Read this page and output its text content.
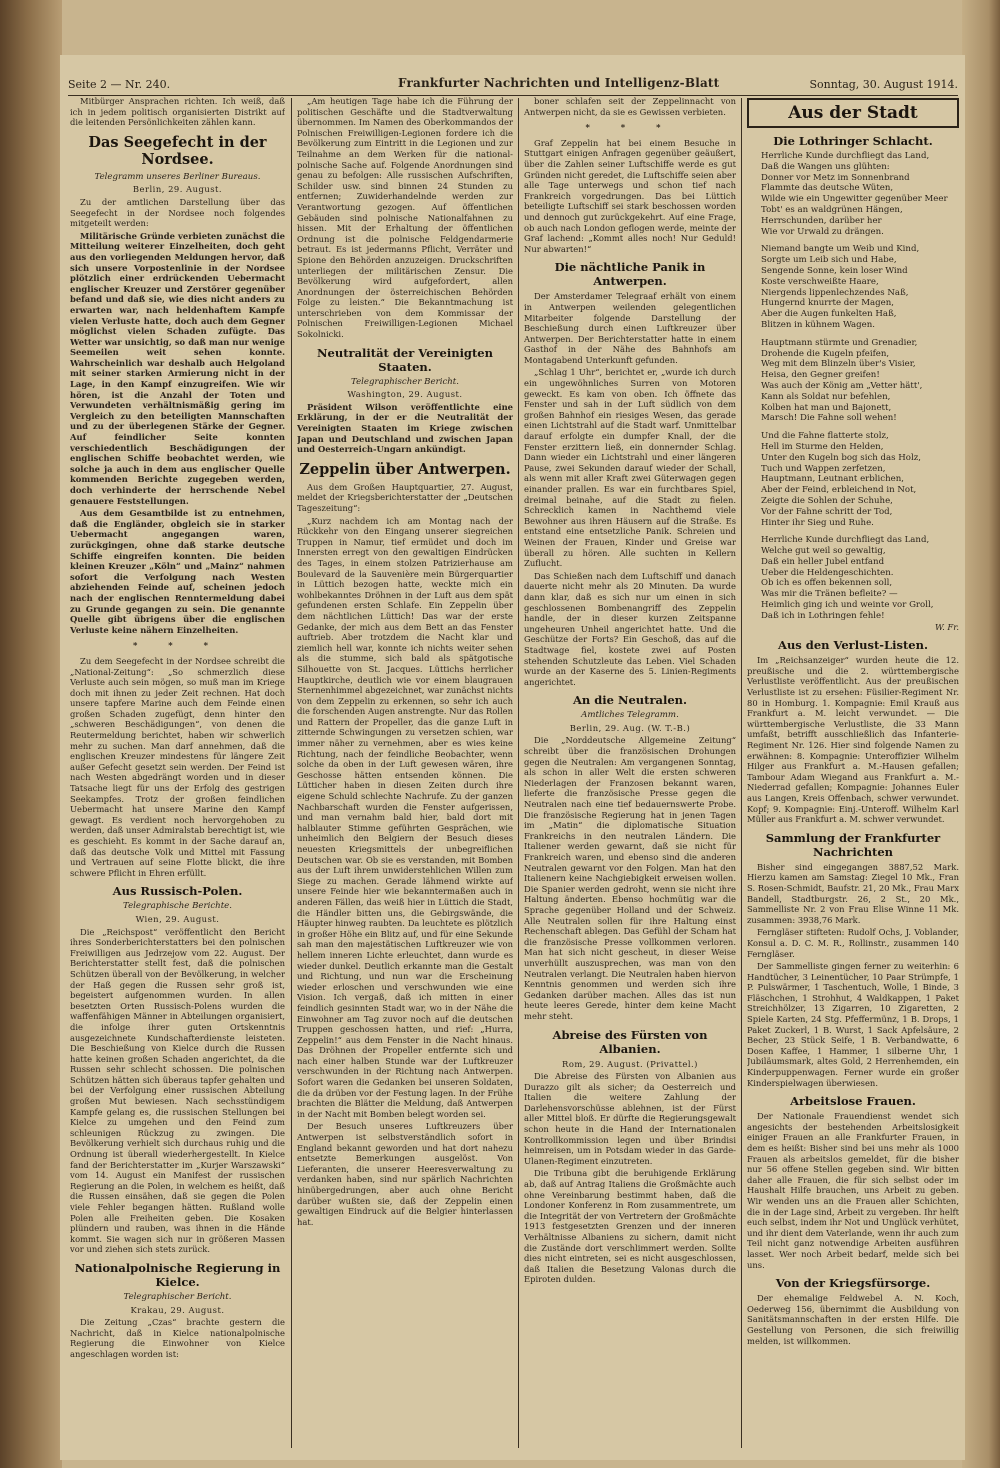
Seite 2 — Nr. 240.	Frankfurter Nachrichten und Intelligenz-Blatt	Sonntag, 30. August 1914.

Mitbürger Ansprachen richten. Ich weiß, daß ich in jedem politisch organisierten Distrikt auf die leitenden Persönlichkeiten zählen kann.

Das Seegefecht in der Nordsee.

Telegramm unseres Berliner Bureaus.

Berlin, 29. August.

Zu der amtlichen Darstellung über das Seegefecht in der Nordsee noch folgendes mitgeteilt werden:

Militärische Gründe verbieten zunächst die Mitteilung weiterer Einzelheiten, doch geht aus den vorliegenden Meldungen hervor, daß sich unsere Vorpostenlinie in der Nordsee plötzlich einer erdrückenden Uebermacht englischer Kreuzer und Zerstörer gegenüber befand und daß sie, wie dies nicht anders zu erwarten war, nach heldenhaftem Kampfe vielen Verluste hatte, doch auch dem Gegner möglichst vielen Schaden zufügte. Das Wetter war unsichtig, so daß man nur wenige Seemeilen weit sehen konnte. Wahrscheinlich war deshalb auch Helgoland mit seiner starken Armierung nicht in der Lage, in den Kampf einzugreifen. Wie wir hören, ist die Anzahl der Toten und Verwundeten verhältnismäßig gering im Vergleich zu den beteiligten Mannschaften und zu der überlegenen Stärke der Gegner. Auf feindlicher Seite konnten verschiedentlich Beschädigungen der englischen Schiffe beobachtet werden, wie solche ja auch in dem aus englischer Quelle kommenden Berichte zugegeben werden, doch verhinderte der herrschende Nebel genauere Feststellungen.

Aus dem Gesamtbilde ist zu entnehmen, daß die Engländer, obgleich sie in starker Uebermacht angegangen waren, zurückgingen, ohne daß starke deutsche Schiffe eingreifen konnten. Die beiden kleinen Kreuzer „Köln“ und „Mainz“ nahmen sofort die Verfolgung nach Westen abziehenden Feinde auf, scheinen jedoch nach der englischen Renntermeldung dabei zu Grunde gegangen zu sein. Die genannte Quelle gibt übrigens über die englischen Verluste keine nähern Einzelheiten.

* * *

Zu dem Seegefecht in der Nordsee schreibt die „National-Zeitung“: „So schmerzlich diese Verluste auch sein mögen, so muß man im Kriege doch mit ihnen zu jeder Zeit rechnen. Hat doch unsere tapfere Marine auch dem Feinde einen großen Schaden zugefügt, denn hinter den „schweren Beschädigungen“, von denen die Reutermeldung berichtet, haben wir schwerlich mehr zu suchen. Man darf annehmen, daß die englischen Kreuzer mindestens für längere Zeit außer Gefecht gesetzt sein werden. Der Feind ist nach Westen abgedrängt worden und in dieser Tatsache liegt für uns der Erfolg des gestrigen Seekampfes. Trotz der großen feindlichen Uebermacht hat unsere Marine den Kampf gewagt. Es verdient noch hervorgehoben zu werden, daß unser Admiralstab berechtigt ist, wie es geschieht. Es kommt in der Sache darauf an, daß das deutsche Volk und Mittel mit Fassung und Vertrauen auf seine Flotte blickt, die ihre schwere Pflicht in Ehren erfüllt.

Aus Russisch-Polen.

Telegraphische Berichte.

Wien, 29. August.

Die „Reichspost“ veröffentlicht den Bericht ihres Sonderberichterstatters bei den polnischen Freiwilligen aus Jedrzejow vom 22. August. Der Berichterstatter stellt fest, daß die polnischen Schützen überall von der Bevölkerung, in welcher der Haß gegen die Russen sehr groß ist, begeistert aufgenommen wurden. In allen besetzten Orten Russisch-Polens wurden die waffenfähigen Männer in Abteilungen organisiert, die infolge ihrer guten Ortskenntnis ausgezeichnete Kundschafterdienste leisteten. Die Beschießung von Kielce durch die Russen hatte keinen großen Schaden angerichtet, da die Russen sehr schlecht schossen. Die polnischen Schützen hätten sich überaus tapfer gehalten und bei der Verfolgung einer russischen Abteilung großen Mut bewiesen. Nach sechsstündigem Kampfe gelang es, die russischen Stellungen bei Kielce zu umgehen und den Feind zum schleunigen Rückzug zu zwingen. Die Bevölkerung verhielt sich durchaus ruhig und die Ordnung ist überall wiederhergestellt. In Kielce fand der Berichterstatter im „Kurjer Warszawski“ vom 14. August ein Manifest der russischen Regierung an die Polen, in welchem es heißt, daß die Russen einsähen, daß sie gegen die Polen viele Fehler begangen hätten. Rußland wolle Polen alle Freiheiten geben. Die Kosaken plündern und rauben, was ihnen in die Hände kommt. Sie wagen sich nur in größeren Massen vor und ziehen sich stets zurück.

Nationalpolnische Regierung in Kielce.

Telegraphischer Bericht.

Krakau, 29. August.

Die Zeitung „Czas“ brachte gestern die Nachricht, daß in Kielce nationalpolnische Regierung die Einwohner von Kielce angeschlagen worden ist:

„Am heutigen Tage habe ich die Führung der politischen Geschäfte und die Stadtverwaltung übernommen. Im Namen des Oberkommandos der Polnischen Freiwilligen-Legionen fordere ich die Bevölkerung zum Eintritt in die Legionen und zur Teilnahme an dem Werken für die national-polnische Sache auf. Folgende Anordnungen sind genau zu befolgen: Alle russischen Aufschriften, Schilder usw. sind binnen 24 Stunden zu entfernen; Zuwiderhandelnde werden zur Verantwortung gezogen. Auf öffentlichen Gebäuden sind polnische Nationalfahnen zu hissen. Mit der Erhaltung der öffentlichen Ordnung ist die polnische Feldgendarmerie betraut. Es ist jedermanns Pflicht, Verräter und Spione den Behörden anzuzeigen. Druckschriften unterliegen der militärischen Zensur. Die Bevölkerung wird aufgefordert, allen Anordnungen der österreichischen Behörden Folge zu leisten.“ Die Bekanntmachung ist unterschrieben von dem Kommissar der Polnischen Freiwilligen-Legionen Michael Sokolnicki.

Neutralität der Vereinigten Staaten.

Telegraphischer Bericht.

Washington, 29. August.

Präsident Wilson veröffentlichte eine Erklärung, in der er die Neutralität der Vereinigten Staaten im Kriege zwischen Japan und Deutschland und zwischen Japan und Oesterreich-Ungarn ankündigt.

Zeppelin über Antwerpen.

Aus dem Großen Hauptquartier, 27. August, meldet der Kriegsberichterstatter der „Deutschen Tageszeitung“:

„Kurz nachdem ich am Montag nach der Rückkehr von den Eingang unserer siegreichen Truppen in Namur, tief ermüdet und doch im Innersten erregt von den gewaltigen Eindrücken des Tages, in einem stolzen Patrizierhause am Boulevard de la Sauvenière mein Bürgerquartier in Lüttich bezogen hatte, weckte mich ein wohlbekanntes Dröhnen in der Luft aus dem spät gefundenen ersten Schlafe. Ein Zeppelin über dem nächtlichen Lüttich! Das war der erste Gedanke, der mich aus dem Bett an das Fenster auftrieb. Aber trotzdem die Nacht klar und ziemlich hell war, konnte ich nichts weiter sehen als die stumme, sich bald als spätgotische Silhouette von St. Jacques. Lüttichs herrlicher Hauptkirche, deutlich wie vor einem blaugrauen Sternenhimmel abgezeichnet, war zunächst nichts von dem Zeppelin zu erkennen, so sehr ich auch die forschenden Augen anstrengte. Nur das Rollen und Rattern der Propeller, das die ganze Luft in zitternde Schwingungen zu versetzen schien, war immer näher zu vernehmen, aber es wies keine Richtung, nach der feindliche Beobachter, wenn solche da oben in der Luft gewesen wären, ihre Geschosse hätten entsenden können. Die Lütticher haben in diesen Zeiten durch ihre eigene Schuld schlechte Nachrufe. Zu der ganzen Nachbarschaft wurden die Fenster aufgerissen, und man vernahm bald hier, bald dort mit halblauter Stimme geführten Gesprächen, wie unheimlich den Belgiern der Besuch dieses neuesten Kriegsmittels der unbegreiflichen Deutschen war. Ob sie es verstanden, mit Bomben aus der Luft ihrem unwiderstehlichen Willen zum Siege zu machen. Gerade lähmend wirkte auf unsere Feinde hier wie bekanntermaßen auch in anderen Fällen, das weiß hier in Lüttich die Stadt, die Händler bitten uns, die Gebirgswände, die Häupter hinweg raubten. Da leuchtete es plötzlich in großer Höhe ein Blitz auf, und für eine Sekunde sah man den majestätischen Luftkreuzer wie von hellem inneren Lichte erleuchtet, dann wurde es wieder dunkel. Deutlich erkannte man die Gestalt und Richtung, und nun war die Erscheinung wieder erloschen und verschwunden wie eine Vision. Ich vergaß, daß ich mitten in einer feindlich gesinnten Stadt war, wo in der Nähe die Einwohner am Tag zuvor noch auf die deutschen Truppen geschossen hatten, und rief: „Hurra, Zeppelin!“ aus dem Fenster in die Nacht hinaus. Das Dröhnen der Propeller entfernte sich und nach einer halben Stunde war der Luftkreuzer verschwunden in der Richtung nach Antwerpen. Sofort waren die Gedanken bei unseren Soldaten, die da drüben vor der Festung lagen. In der Frühe brachten die Blätter die Meldung, daß Antwerpen in der Nacht mit Bomben belegt worden sei.

Der Besuch unseres Luftkreuzers über Antwerpen ist selbstverständlich sofort in England bekannt geworden und hat dort nahezu entsetzte Bemerkungen ausgelöst. Von Lieferanten, die unserer Heeresverwaltung zu verdanken haben, sind nur spärlich Nachrichten hinübergedrungen, aber auch ohne Bericht darüber wußten sie, daß der Zeppelin einen gewaltigen Eindruck auf die Belgier hinterlassen hat.

boner schlafen seit der Zeppelinnacht von Antwerpen nicht, da sie es Gewissen verbieten.

* * *

Graf Zeppelin hat bei einem Besuche in Stuttgart einigen Anfragen gegenüber geäußert, über die Zahlen seiner Luftschiffe werde es gut Gründen nicht geredet, die Luftschiffe seien aber alle Tage unterwegs und schon tief nach Frankreich vorgedrungen. Das bei Lüttich beteiligte Luftschiff sei stark beschossen worden und dennoch gut zurückgekehrt. Auf eine Frage, ob auch nach London geflogen werde, meinte der Graf lachend: „Kommt alles noch! Nur Geduld! Nur abwarten!“

Die nächtliche Panik in Antwerpen.

Der Amsterdamer Telegraaf erhält von einem in Antwerpen weilenden gelegentlichen Mitarbeiter folgende Darstellung der Beschießung durch einen Luftkreuzer über Antwerpen. Der Berichterstatter hatte in einem Gasthof in der Nähe des Bahnhofs am Montagabend Unterkunft gefunden.

„Schlag 1 Uhr“, berichtet er, „wurde ich durch ein ungewöhnliches Surren von Motoren geweckt. Es kam von oben. Ich öffnete das Fenster und sah in der Luft südlich von dem großen Bahnhof ein riesiges Wesen, das gerade einen Lichtstrahl auf die Stadt warf. Unmittelbar darauf erfolgte ein dumpfer Knall, der die Fenster erzittern ließ, ein donnernder Schlag. Dann wieder ein Lichtstrahl und einer längeren Pause, zwei Sekunden darauf wieder der Schall, als wenn mit aller Kraft zwei Güterwagen gegen einander prallen. Es war ein furchtbares Spiel, dreimal beinahe, auf die Stadt zu fielen. Schrecklich kamen in Nachthemd viele Bewohner aus ihren Häusern auf die Straße. Es entstand eine entsetzliche Panik. Schreien und Weinen der Frauen, Kinder und Greise war überall zu hören. Alle suchten in Kellern Zuflucht.

Das Schießen nach dem Luftschiff und danach dauerte nicht mehr als 20 Minuten. Da wurde dann klar, daß es sich nur um einen in sich geschlossenen Bombenangriff des Zeppelin handle, der in dieser kurzen Zeitspanne ungeheuren Unheil angerichtet hatte. Und die Geschütze der Forts? Ein Geschoß, das auf die Stadtwage fiel, kostete zwei auf Posten stehenden Schutzleute das Leben. Viel Schaden wurde an der Kaserne des 5. Linien-Regiments angerichtet.

An die Neutralen.

Amtliches Telegramm.

Berlin, 29. Aug. (W. T.-B.)

Die „Norddeutsche Allgemeine Zeitung“ schreibt über die französischen Drohungen gegen die Neutralen: Am vergangenen Sonntag, als schon in aller Welt die ersten schweren Niederlagen der Franzosen bekannt waren, lieferte die französische Presse gegen die Neutralen nach eine tief bedauernswerte Probe. Die französische Regierung hat in jenen Tagen im „Matin“ die diplomatische Situation Frankreichs in den neutralen Ländern. Die Italiener werden gewarnt, daß sie nicht für Frankreich waren, und ebenso sind die anderen Neutralen gewarnt vor den Folgen. Man hat den Italienern keine Nachgiebigkeit erweisen wollen. Die Spanier werden gedroht, wenn sie nicht ihre Haltung änderten. Ebenso hochmütig war die Sprache gegenüber Holland und der Schweiz. Alle Neutralen sollen für ihre Haltung einst Rechenschaft ablegen. Das Gefühl der Scham hat die französische Presse vollkommen verloren. Man hat sich nicht gescheut, in dieser Weise unverhüllt auszusprechen, was man von den Neutralen verlangt. Die Neutralen haben hiervon Kenntnis genommen und werden sich ihre Gedanken darüber machen. Alles das ist nun heute leeres Gerede, hinter dem keine Macht mehr steht.

Abreise des Fürsten von Albanien.

Rom, 29. August. (Privattel.)

Die Abreise des Fürsten von Albanien aus Durazzo gilt als sicher; da Oesterreich und Italien die weitere Zahlung der Darlehensvorschüsse ablehnen, ist der Fürst aller Mittel bloß. Er dürfte die Regierungsgewalt schon heute in die Hand der Internationalen Kontrollkommission legen und über Brindisi heimreisen, um in Potsdam wieder in das Garde-Ulanen-Regiment einzutreten.

Die Tribuna gibt die beruhigende Erklärung ab, daß auf Antrag Italiens die Großmächte auch ohne Vereinbarung bestimmt haben, daß die Londoner Konferenz in Rom zusammentrete, um die Integrität der von Vertretern der Großmächte 1913 festgesetzten Grenzen und der inneren Verhältnisse Albaniens zu sichern, damit nicht die Zustände dort verschlimmert werden. Sollte dies nicht eintreten, sei es nicht ausgeschlossen, daß Italien die Besetzung Valonas durch die Epiroten dulden.

Aus der Stadt
Die Lothringer Schlacht.
Herrliche Kunde durchfliegt das Land,
Daß die Wangen uns glühten:
Donner vor Metz im Sonnenbrand
Flammte das deutsche Wüten,
Wilde wie ein Ungewitter gegenüber Meer
Tobt' es an waldgrünen Hängen,
Herrschunden, darüber her
Wie vor Urwald zu drängen.
Niemand bangte um Weib und Kind,
Sorgte um Leib sich und Habe,
Sengende Sonne, kein loser Wind
Koste verschweißte Haare,
Niergends lippenlechzendes Naß,
Hungernd knurrte der Magen,
Aber die Augen funkelten Haß,
Blitzen in kühnem Wagen.
Hauptmann stürmte und Grenadier,
Drohende die Kugeln pfeifen,
Weg mit dem Blinzeln über's Visier,
Heisa, den Gegner greifen!
Was auch der König am „Vetter hätt',
Kann als Soldat nur befehlen,
Kolben hat man und Bajonett,
Marsch! Die Fahne soll wehen!
Und die Fahne flatterte stolz,
Hell im Sturme den Helden,
Unter den Kugeln bog sich das Holz,
Tuch und Wappen zerfetzen,
Hauptmann, Leutnant erblichen,
Aber der Feind, erbleichend in Not,
Zeigte die Sohlen der Schuhe,
Vor der Fahne schritt der Tod,
Hinter ihr Sieg und Ruhe.
Herrliche Kunde durchfliegt das Land,
Welche gut weil so gewaltig,
Daß ein heller Jubel entfand
Ueber die Heldengeschichten.
Ob ich es offen bekennen soll,
Was mir die Tränen befleite? —
Heimlich ging ich und weinte vor Groll,
Daß ich in Lothringen fehle!

W. Fr.

Aus den Verlust-Listen.

Im „Reichsanzeiger“ wurden heute die 12. preußische und die 2. württembergische Verlustliste veröffentlicht. Aus der preußischen Verlustliste ist zu ersehen: Füsilier-Regiment Nr. 80 in Homburg. 1. Kompagnie: Emil Krauß aus Frankfurt a. M. leicht verwundet. — Die württembergische Verlustliste, die 33 Mann umfaßt, betrifft ausschließlich das Infanterie-Regiment Nr. 126. Hier sind folgende Namen zu erwähnen: 8. Kompagnie: Unteroffizier Wilhelm Hilger aus Frankfurt a. M.-Hausen gefallen; Tambour Adam Wiegand aus Frankfurt a. M.-Niederrad gefallen; Kompagnie: Johannes Euler aus Langen, Kreis Offenbach, schwer verwundet. Kopf; 9. Kompagnie: Einj.-Unteroff. Wilhelm Karl Müller aus Frankfurt a. M. schwer verwundet.

Sammlung der Frankfurter Nachrichten

Bisher sind eingegangen 3887,52 Mark. Hierzu kamen am Samstag: Ziegel 10 Mk., Fran S. Rosen-Schmidt, Baufstr. 21, 20 Mk., Frau Marx Bandell, Stadtburgstr. 26, 2 St., 20 Mk., Sammelliste Nr. 2 von Frau Elise Winne 11 Mk. zusammen: 3938,76 Mark.

Ferngläser stifteten: Rudolf Ochs, J. Voblander, Konsul a. D. C. M. R., Rollinstr., zusammen 140 Ferngläser.

Der Sammelliste gingen ferner zu weiterhin: 6 Handtücher, 3 Leinentücher, 10 Paar Strümpfe, 1 P. Pulswärmer, 1 Taschentuch, Wolle, 1 Binde, 3 Fläschchen, 1 Strohhut, 4 Waldkappen, 1 Paket Streichhölzer, 13 Zigarren, 10 Zigaretten, 2 Spiele Karten, 24 Stg. Pfeffermünz, 1 B. Drops, 1 Paket Zuckerl, 1 B. Wurst, 1 Sack Apfelsäure, 2 Becher, 23 Stück Seife, 1 B. Verbandwatte, 6 Dosen Kaffee, 1 Hammer, 1 silberne Uhr, 1 Jubiläumsmark, altes Gold, 2 Herrenhemden, ein Kinderpuppenwagen. Ferner wurde ein großer Kinderspielwagen überwiesen.

Arbeitslose Frauen.

Der Nationale Frauendienst wendet sich angesichts der bestehenden Arbeitslosigkeit einiger Frauen an alle Frankfurter Frauen, in dem es heißt: Bisher sind bei uns mehr als 1000 Frauen als arbeitslos gemeldet, für die bisher nur 56 offene Stellen gegeben sind. Wir bitten daher alle Frauen, die für sich selbst oder im Haushalt Hilfe brauchen, uns Arbeit zu geben. Wir wenden uns an die Frauen aller Schichten, die in der Lage sind, Arbeit zu vergeben. Ihr helft euch selbst, indem ihr Not und Unglück verhütet, und ihr dient dem Vaterlande, wenn ihr auch zum Teil nicht ganz notwendige Arbeiten ausführen lasset. Wer noch Arbeit bedarf, melde sich bei uns.

Von der Kriegsfürsorge.

Der ehemalige Feldwebel A. N. Koch, Oederweg 156, übernimmt die Ausbildung von Sanitätsmannschaften in der ersten Hilfe. Die Gestellung von Personen, die sich freiwillig melden, ist willkommen.
